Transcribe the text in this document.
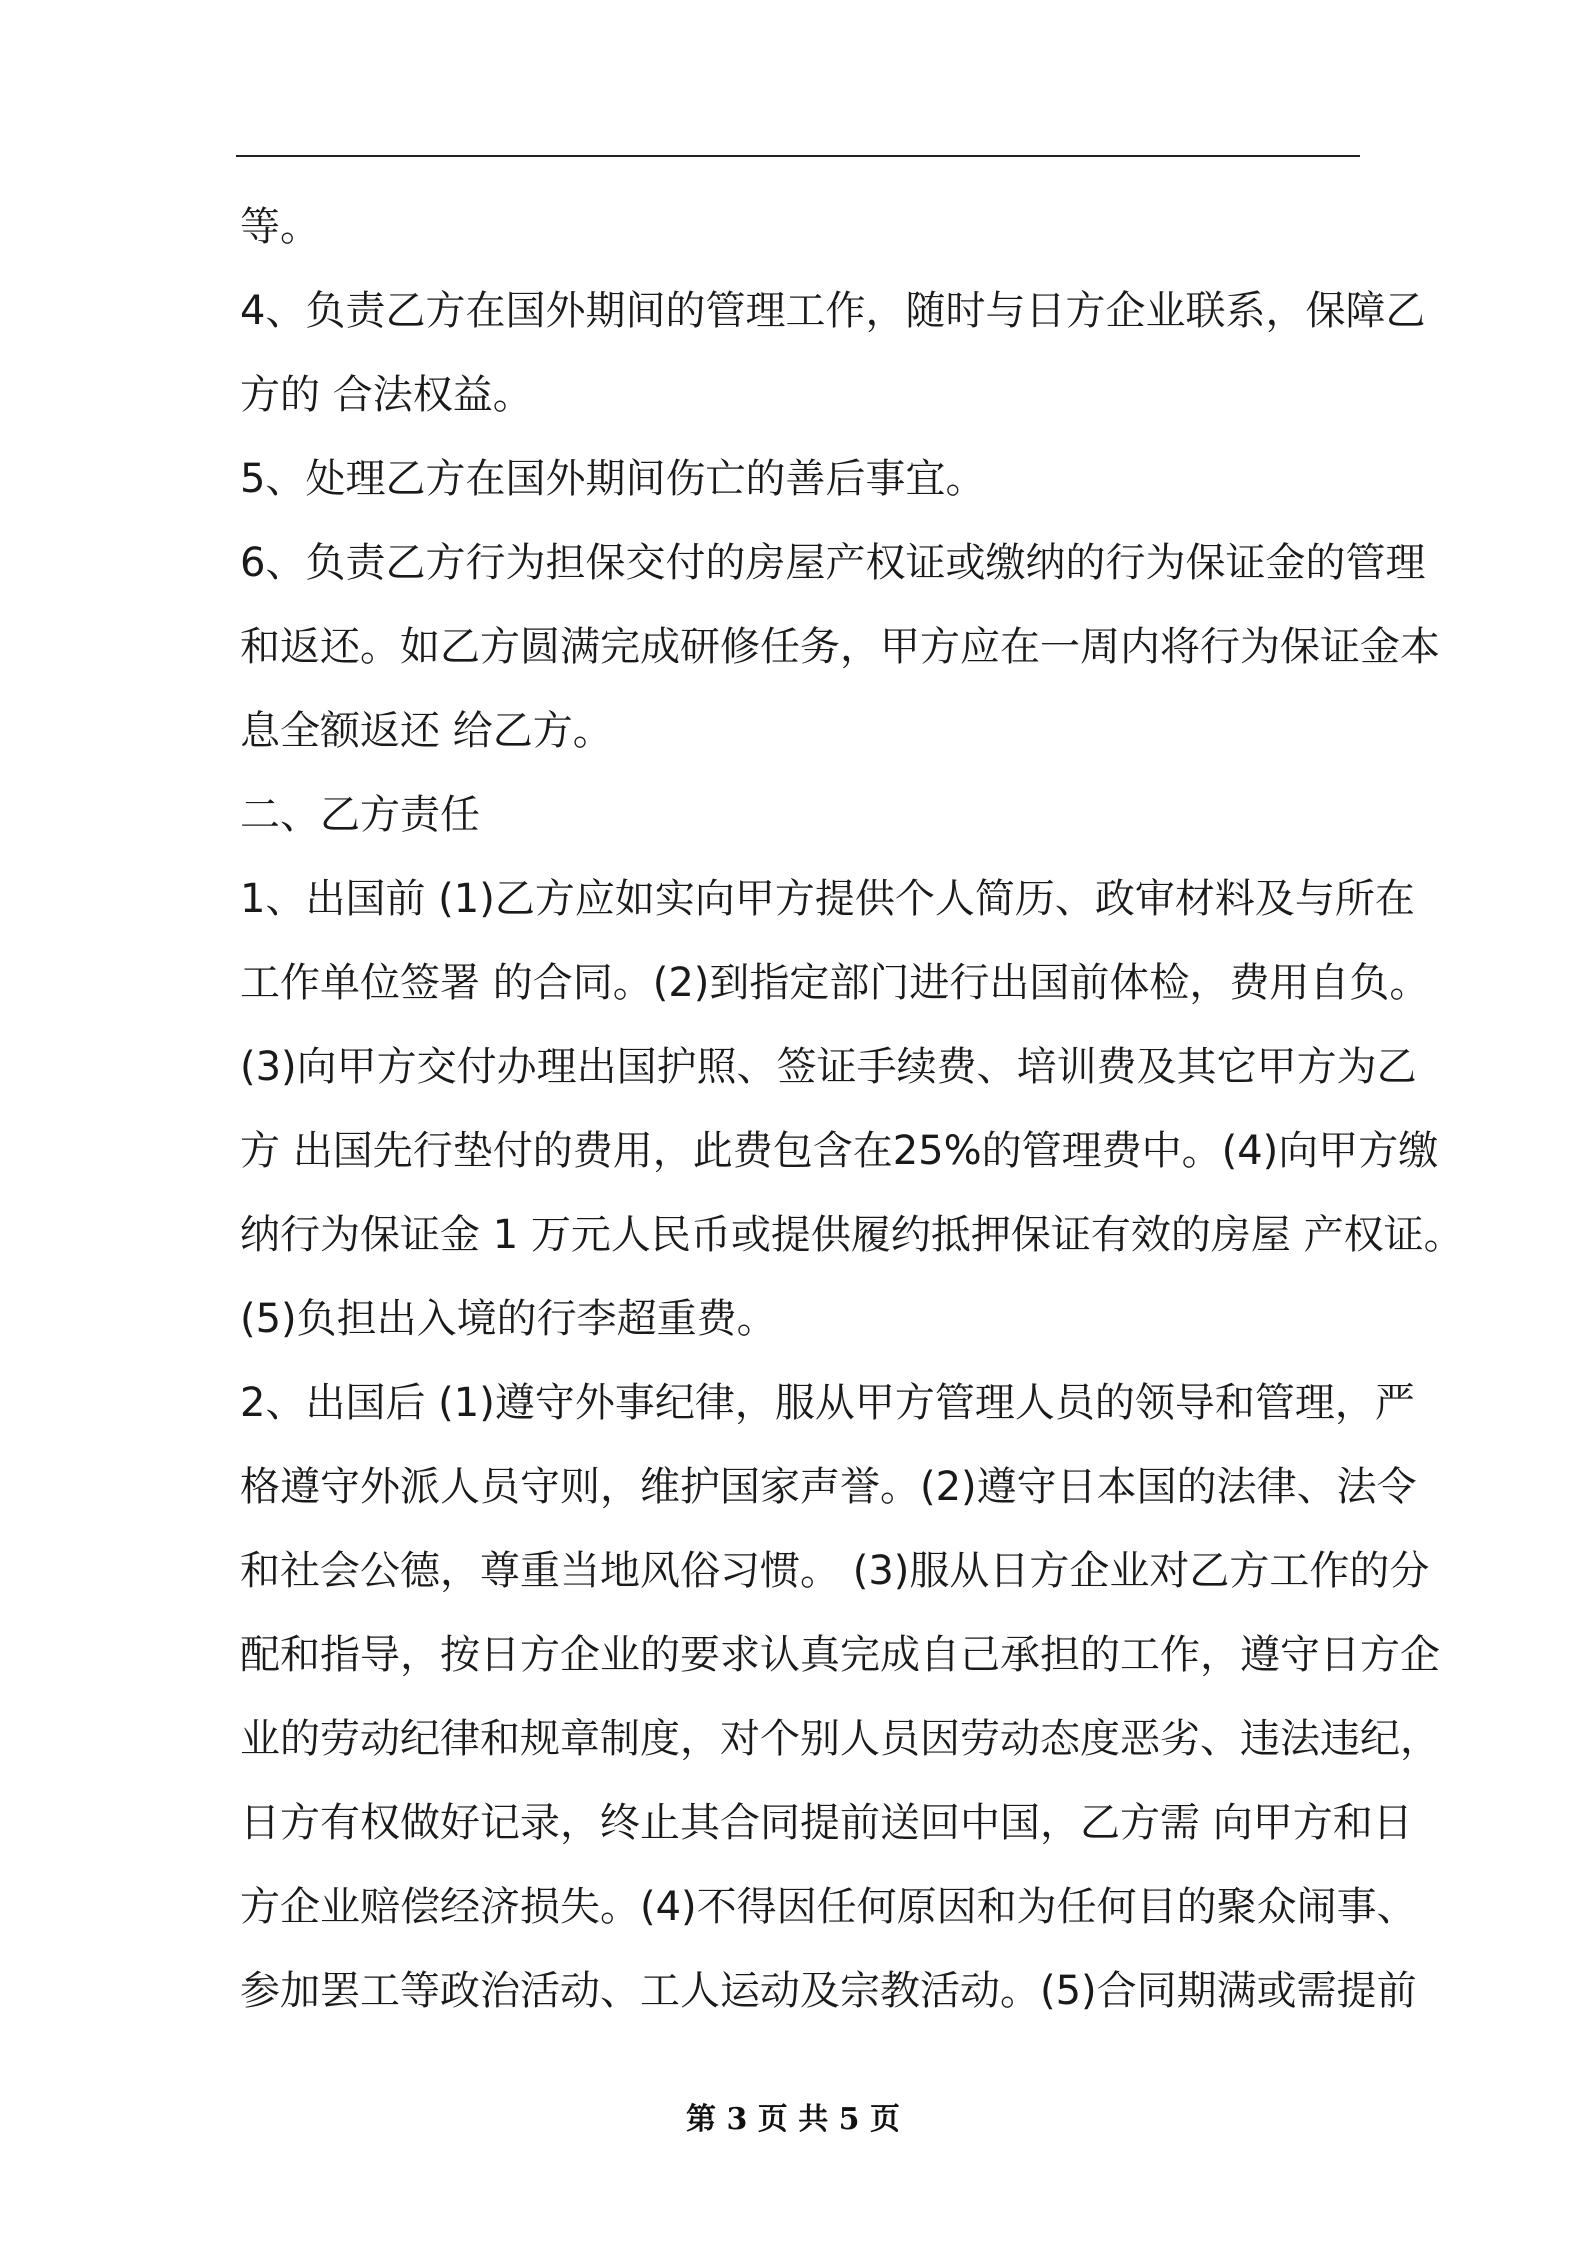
等。
4、负责乙方在国外期间的管理工作，随时与日方企业联系，保障乙
方的 合法权益。
5、处理乙方在国外期间伤亡的善后事宜。
6、负责乙方行为担保交付的房屋产权证或缴纳的行为保证金的管理
和返还。如乙方圆满完成研修任务，甲方应在一周内将行为保证金本
息全额返还 给乙方。
二、乙方责任
1、出国前 (1)乙方应如实向甲方提供个人简历、政审材料及与所在
工作单位签署 的合同。(2)到指定部门进行出国前体检，费用自负。
(3)向甲方交付办理出国护照、签证手续费、培训费及其它甲方为乙
方 出国先行垫付的费用，此费包含在25%的管理费中。(4)向甲方缴
纳行为保证金 1 万元人民币或提供履约抵押保证有效的房屋 产权证。
(5)负担出入境的行李超重费。
2、出国后 (1)遵守外事纪律，服从甲方管理人员的领导和管理，严
格遵守外派人员守则，维护国家声誉。(2)遵守日本国的法律、法令
和社会公德，尊重当地风俗习惯。 (3)服从日方企业对乙方工作的分
配和指导，按日方企业的要求认真完成自己承担的工作，遵守日方企
业的劳动纪律和规章制度，对个别人员因劳动态度恶劣、违法违纪，
日方有权做好记录，终止其合同提前送回中国，乙方需 向甲方和日
方企业赔偿经济损失。(4)不得因任何原因和为任何目的聚众闹事、
参加罢工等政治活动、工人运动及宗教活动。(5)合同期满或需提前
第 3 页 共 5 页
